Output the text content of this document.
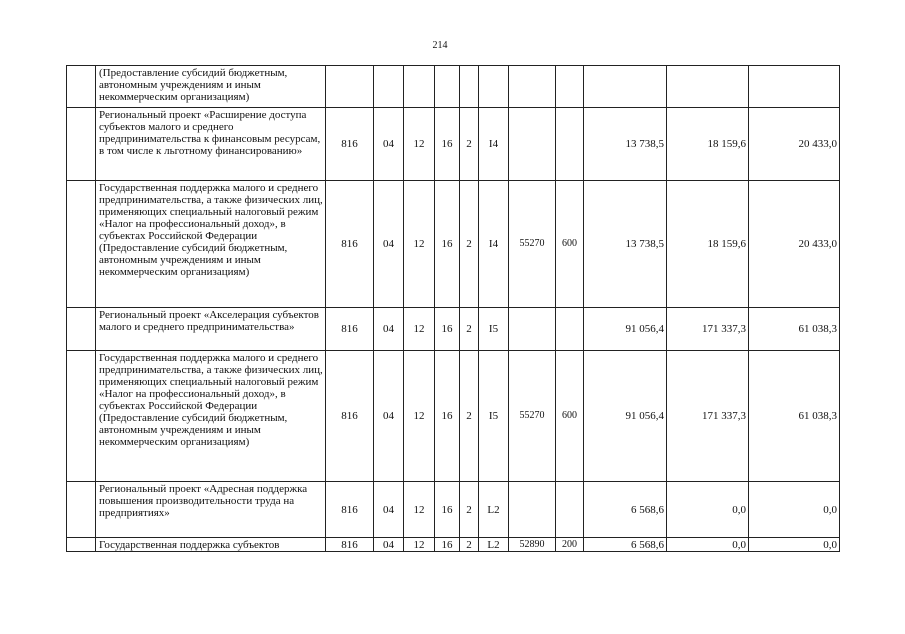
214
	(Предоставление субсидий бюджетным, автономным учреждениям и иным некоммерческим организациям)											
	Региональный проект «Расширение доступа субъектов малого и среднего предпринимательства к финансовым ресурсам, в том числе к льготному финансированию»	816	04	12	16	2	I4			13 738,5	18 159,6	20 433,0
	Государственная поддержка малого и среднего предпринимательства, а также физических лиц, применяющих специальный налоговый режим «Налог на профессиональный доход», в субъектах Российской Федерации (Предоставление субсидий бюджетным, автономным учреждениям и иным некоммерческим организациям)	816	04	12	16	2	I4	55270	600	13 738,5	18 159,6	20 433,0
	Региональный проект «Акселерация субъектов малого и среднего предпринимательства»	816	04	12	16	2	I5			91 056,4	171 337,3	61 038,3
	Государственная поддержка малого и среднего предпринимательства, а также физических лиц, применяющих специальный налоговый режим «Налог на профессиональный доход», в субъектах Российской Федерации (Предоставление субсидий бюджетным, автономным учреждениям и иным некоммерческим организациям)	816	04	12	16	2	I5	55270	600	91 056,4	171 337,3	61 038,3
	Региональный проект «Адресная поддержка повышения производительности труда на предприятиях»	816	04	12	16	2	L2			6 568,6	0,0	0,0
	Государственная поддержка субъектов	816	04	12	16	2	L2	52890	200	6 568,6	0,0	0,0
